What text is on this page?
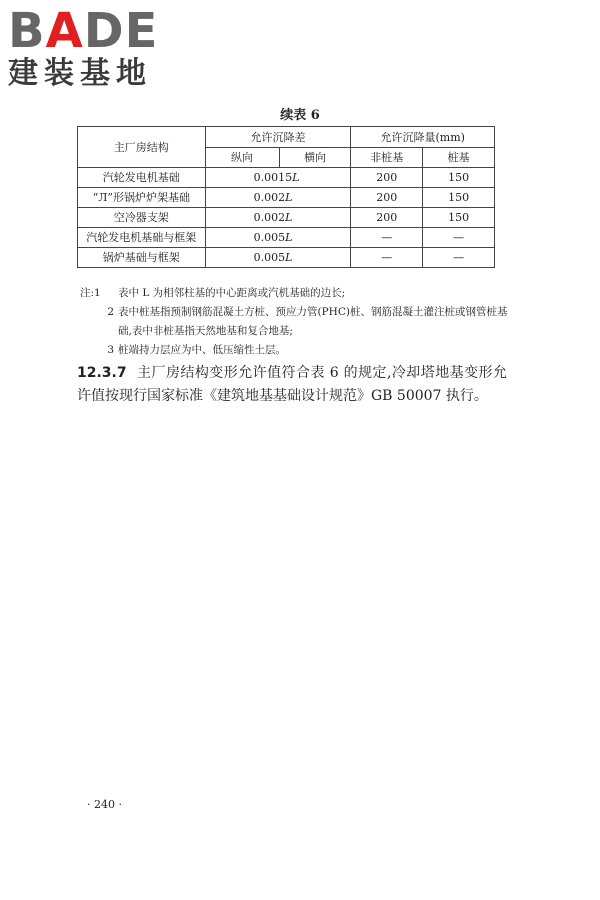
BADE
建装基地
续表 6
主厂房结构	允许沉降差		允许沉降量(mm)	
	纵向	横向	非桩基	桩基
汽轮发电机基础	0.0015L		200	150
“Л”形锅炉炉架基础	0.002L		200	150
空冷器支架	0.002L		200	150
汽轮发电机基础与框架	0.005L		—	—
锅炉基础与框架	0.005L		—	—
注:1	表中 L 为相邻柱基的中心距离或汽机基础的边长;
2 表中桩基指预制钢筋混凝土方桩、预应力管(PHC)桩、钢筋混凝土灌注桩或钢管桩基础,表中非桩基指天然地基和复合地基;
3 桩端持力层应为中、低压缩性土层。
12.3.7 主厂房结构变形允许值符合表 6 的规定,冷却塔地基变形允许值按现行国家标准《建筑地基基础设计规范》GB 50007 执行。
· 240 ·
